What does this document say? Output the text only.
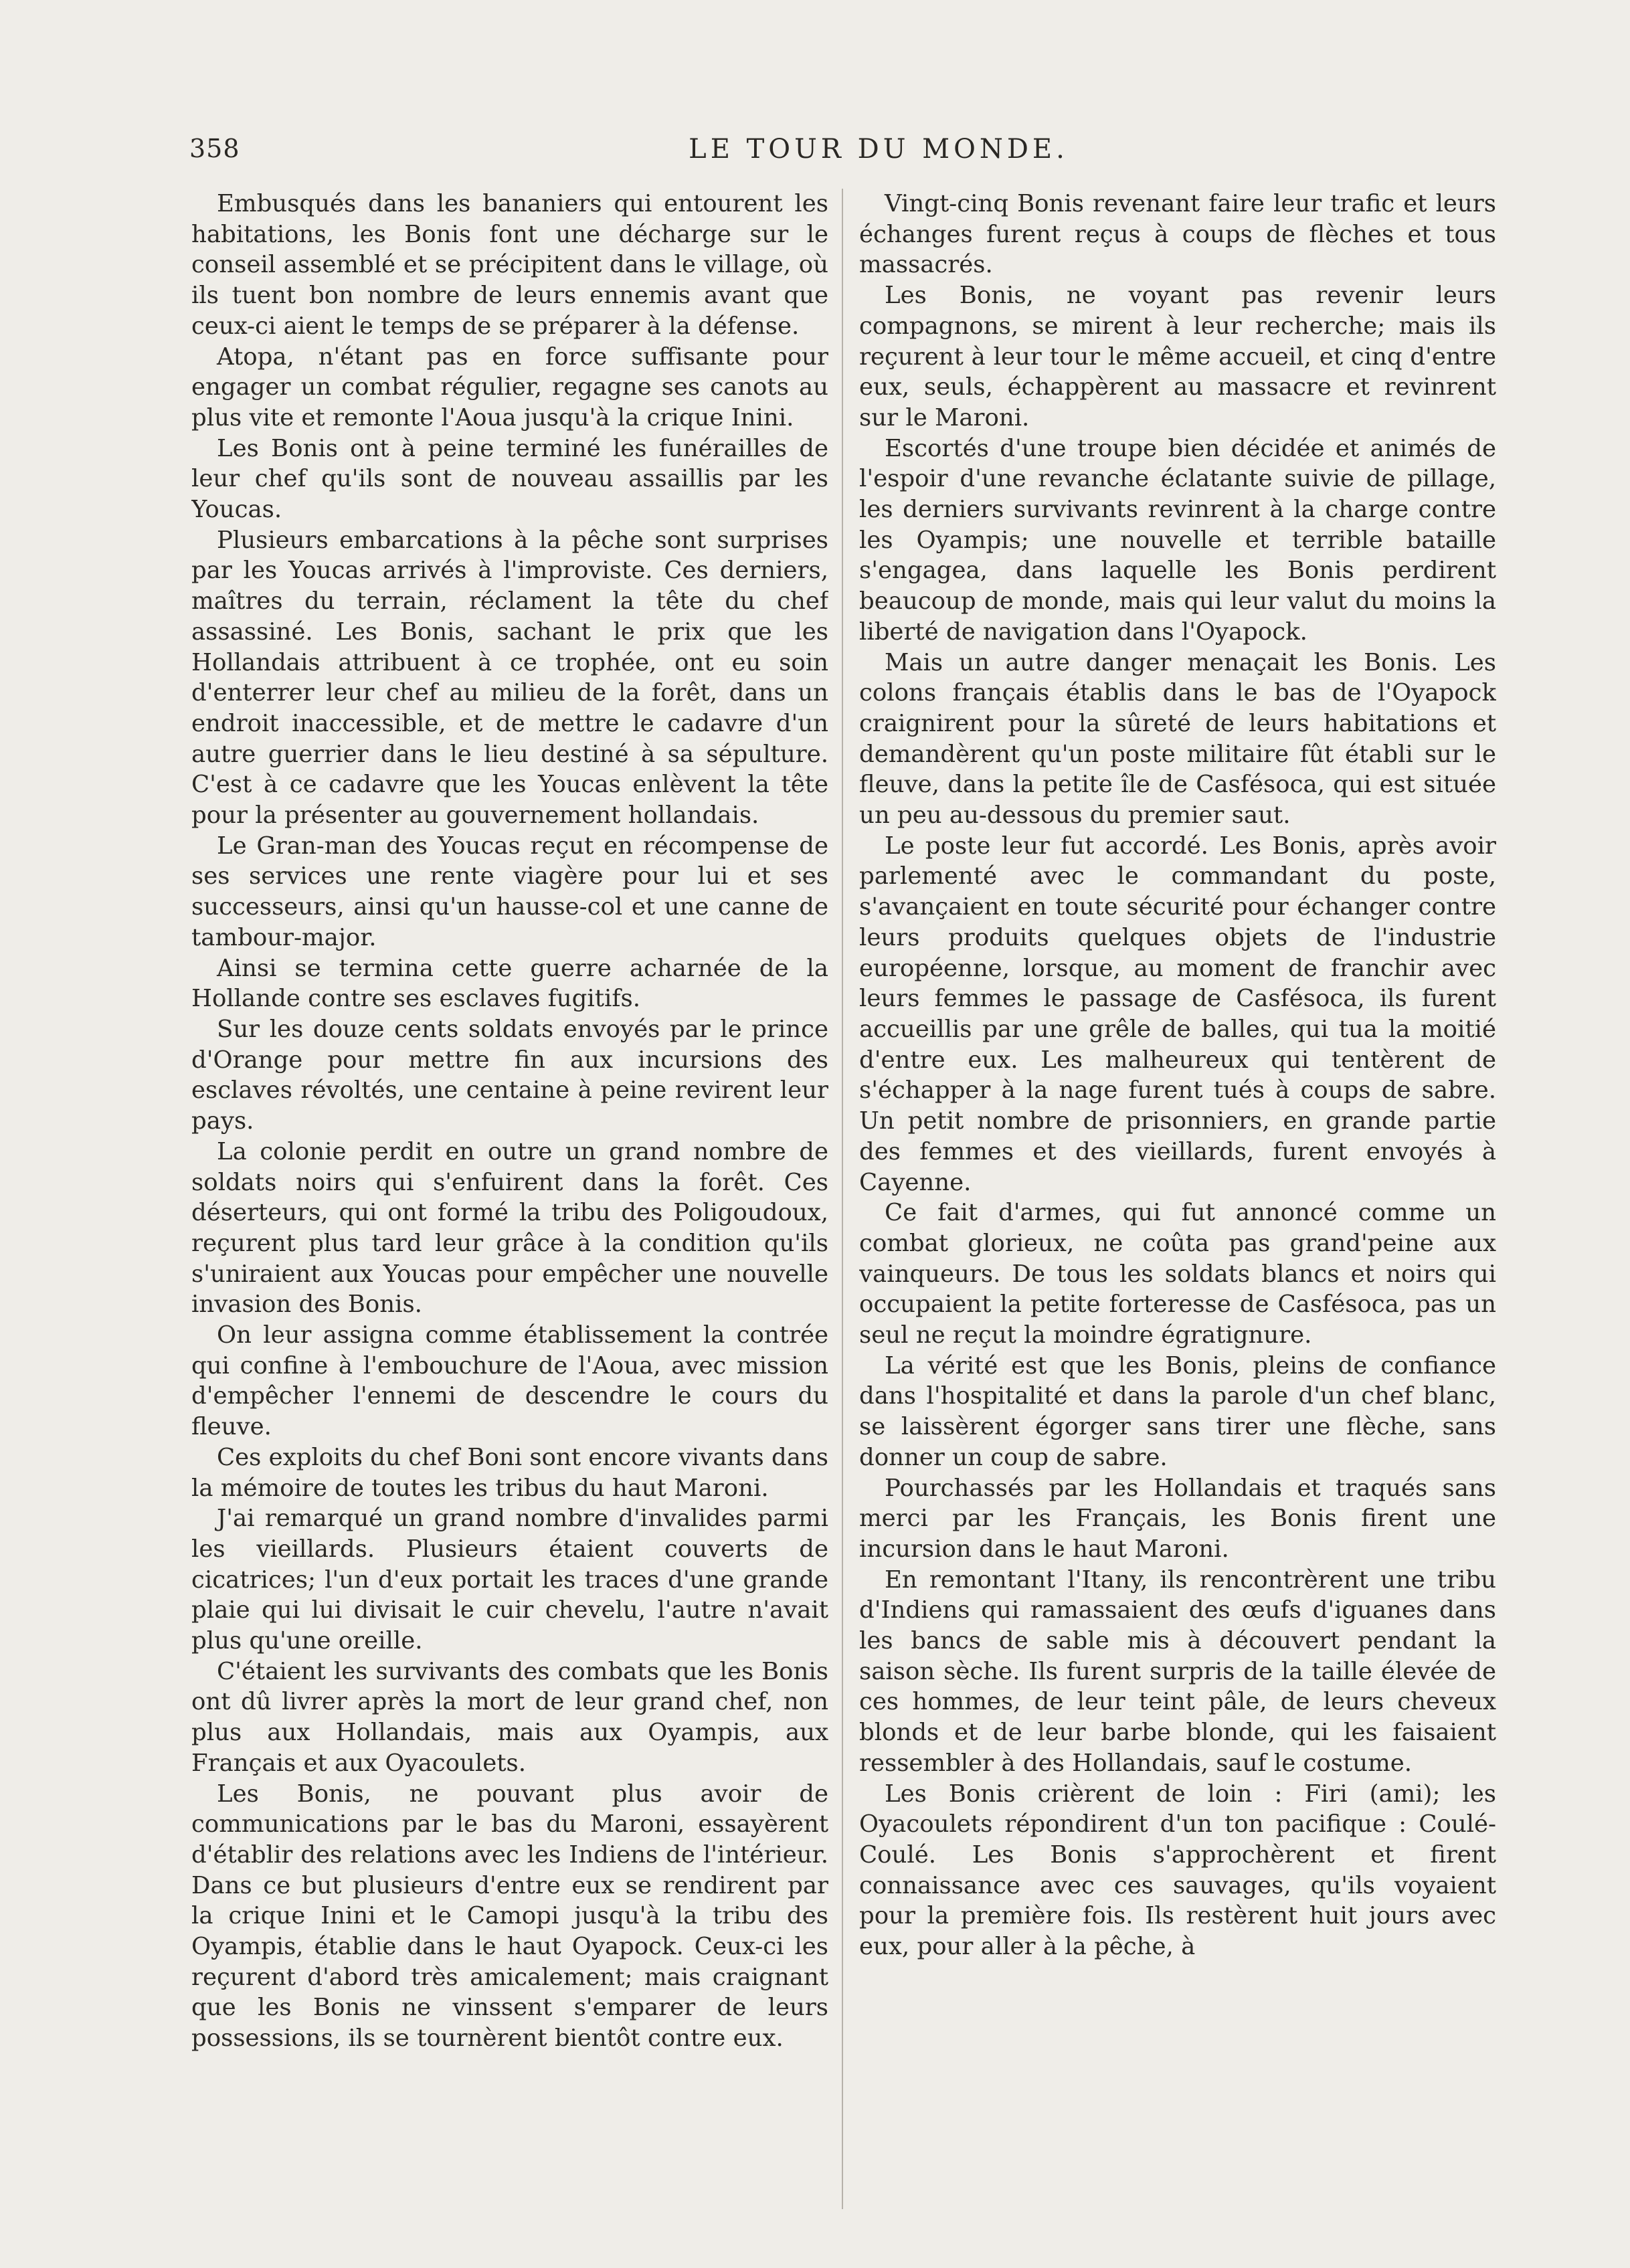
358	LE TOUR DU MONDE.

Embusqués dans les bananiers qui entourent les habitations, les Bonis font une décharge sur le conseil assemblé et se précipitent dans le village, où ils tuent bon nombre de leurs ennemis avant que ceux-ci aient le temps de se préparer à la défense.

Atopa, n'étant pas en force suffisante pour engager un combat régulier, regagne ses canots au plus vite et remonte l'Aoua jusqu'à la crique Inini.

Les Bonis ont à peine terminé les funérailles de leur chef qu'ils sont de nouveau assaillis par les Youcas.

Plusieurs embarcations à la pêche sont surprises par les Youcas arrivés à l'improviste. Ces derniers, maîtres du terrain, réclament la tête du chef assassiné. Les Bonis, sachant le prix que les Hollandais attribuent à ce trophée, ont eu soin d'enterrer leur chef au milieu de la forêt, dans un endroit inaccessible, et de mettre le cadavre d'un autre guerrier dans le lieu destiné à sa sépulture. C'est à ce cadavre que les Youcas enlèvent la tête pour la présenter au gouvernement hollandais.

Le Gran-man des Youcas reçut en récompense de ses services une rente viagère pour lui et ses successeurs, ainsi qu'un hausse-col et une canne de tambour-major.

Ainsi se termina cette guerre acharnée de la Hollande contre ses esclaves fugitifs.

Sur les douze cents soldats envoyés par le prince d'Orange pour mettre fin aux incursions des esclaves révoltés, une centaine à peine revirent leur pays.

La colonie perdit en outre un grand nombre de soldats noirs qui s'enfuirent dans la forêt. Ces déserteurs, qui ont formé la tribu des Poligoudoux, reçurent plus tard leur grâce à la condition qu'ils s'uniraient aux Youcas pour empêcher une nouvelle invasion des Bonis.

On leur assigna comme établissement la contrée qui confine à l'embouchure de l'Aoua, avec mission d'empêcher l'ennemi de descendre le cours du fleuve.

Ces exploits du chef Boni sont encore vivants dans la mémoire de toutes les tribus du haut Maroni.

J'ai remarqué un grand nombre d'invalides parmi les vieillards. Plusieurs étaient couverts de cicatrices; l'un d'eux portait les traces d'une grande plaie qui lui divisait le cuir chevelu, l'autre n'avait plus qu'une oreille.

C'étaient les survivants des combats que les Bonis ont dû livrer après la mort de leur grand chef, non plus aux Hollandais, mais aux Oyampis, aux Français et aux Oyacoulets.

Les Bonis, ne pouvant plus avoir de communications par le bas du Maroni, essayèrent d'établir des relations avec les Indiens de l'intérieur. Dans ce but plusieurs d'entre eux se rendirent par la crique Inini et le Camopi jusqu'à la tribu des Oyampis, établie dans le haut Oyapock. Ceux-ci les reçurent d'abord très amicalement; mais craignant que les Bonis ne vinssent s'emparer de leurs possessions, ils se tournèrent bientôt contre eux.

Vingt-cinq Bonis revenant faire leur trafic et leurs échanges furent reçus à coups de flèches et tous massacrés.

Les Bonis, ne voyant pas revenir leurs compagnons, se mirent à leur recherche; mais ils reçurent à leur tour le même accueil, et cinq d'entre eux, seuls, échappèrent au massacre et revinrent sur le Maroni.

Escortés d'une troupe bien décidée et animés de l'espoir d'une revanche éclatante suivie de pillage, les derniers survivants revinrent à la charge contre les Oyampis; une nouvelle et terrible bataille s'engagea, dans laquelle les Bonis perdirent beaucoup de monde, mais qui leur valut du moins la liberté de navigation dans l'Oyapock.

Mais un autre danger menaçait les Bonis. Les colons français établis dans le bas de l'Oyapock craignirent pour la sûreté de leurs habitations et demandèrent qu'un poste militaire fût établi sur le fleuve, dans la petite île de Casfésoca, qui est située un peu au-dessous du premier saut.

Le poste leur fut accordé. Les Bonis, après avoir parlementé avec le commandant du poste, s'avançaient en toute sécurité pour échanger contre leurs produits quelques objets de l'industrie européenne, lorsque, au moment de franchir avec leurs femmes le passage de Casfésoca, ils furent accueillis par une grêle de balles, qui tua la moitié d'entre eux. Les malheureux qui tentèrent de s'échapper à la nage furent tués à coups de sabre. Un petit nombre de prisonniers, en grande partie des femmes et des vieillards, furent envoyés à Cayenne.

Ce fait d'armes, qui fut annoncé comme un combat glorieux, ne coûta pas grand'peine aux vainqueurs. De tous les soldats blancs et noirs qui occupaient la petite forteresse de Casfésoca, pas un seul ne reçut la moindre égratignure.

La vérité est que les Bonis, pleins de confiance dans l'hospitalité et dans la parole d'un chef blanc, se laissèrent égorger sans tirer une flèche, sans donner un coup de sabre.

Pourchassés par les Hollandais et traqués sans merci par les Français, les Bonis firent une incursion dans le haut Maroni.

En remontant l'Itany, ils rencontrèrent une tribu d'Indiens qui ramassaient des œufs d'iguanes dans les bancs de sable mis à découvert pendant la saison sèche. Ils furent surpris de la taille élevée de ces hommes, de leur teint pâle, de leurs cheveux blonds et de leur barbe blonde, qui les faisaient ressembler à des Hollandais, sauf le costume.

Les Bonis crièrent de loin : Firi (ami); les Oyacoulets répondirent d'un ton pacifique : Coulé-Coulé. Les Bonis s'approchèrent et firent connaissance avec ces sauvages, qu'ils voyaient pour la première fois. Ils restèrent huit jours avec eux, pour aller à la pêche, à
